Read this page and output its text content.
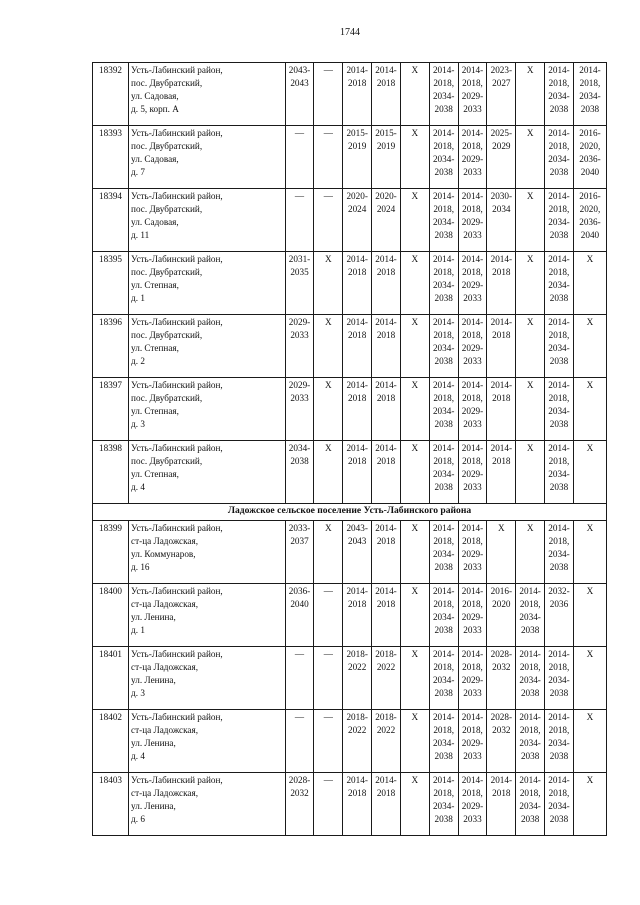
1744
18392	Усть-Лабинский район,
пос. Двубратский,
ул. Садовая,
д. 5, корп. А	2043-
2043	—	2014-
2018	2014-
2018	X	2014-
2018,
2034-
2038	2014-
2018,
2029-
2033	2023-
2027	X	2014-
2018,
2034-
2038	2014-
2018,
2034-
2038

18393	Усть-Лабинский район,
пос. Двубратский,
ул. Садовая,
д. 7	—	—	2015-
2019	2015-
2019	X	2014-
2018,
2034-
2038	2014-
2018,
2029-
2033	2025-
2029	X	2014-
2018,
2034-
2038	2016-
2020,
2036-
2040

18394	Усть-Лабинский район,
пос. Двубратский,
ул. Садовая,
д. 11	—	—	2020-
2024	2020-
2024	X	2014-
2018,
2034-
2038	2014-
2018,
2029-
2033	2030-
2034	X	2014-
2018,
2034-
2038	2016-
2020,
2036-
2040

18395	Усть-Лабинский район,
пос. Двубратский,
ул. Степная,
д. 1	2031-
2035	X	2014-
2018	2014-
2018	X	2014-
2018,
2034-
2038	2014-
2018,
2029-
2033	2014-
2018	X	2014-
2018,
2034-
2038	X

18396	Усть-Лабинский район,
пос. Двубратский,
ул. Степная,
д. 2	2029-
2033	X	2014-
2018	2014-
2018	X	2014-
2018,
2034-
2038	2014-
2018,
2029-
2033	2014-
2018	X	2014-
2018,
2034-
2038	X

18397	Усть-Лабинский район,
пос. Двубратский,
ул. Степная,
д. 3	2029-
2033	X	2014-
2018	2014-
2018	X	2014-
2018,
2034-
2038	2014-
2018,
2029-
2033	2014-
2018	X	2014-
2018,
2034-
2038	X

18398	Усть-Лабинский район,
пос. Двубратский,
ул. Степная,
д. 4	2034-
2038	X	2014-
2018	2014-
2018	X	2014-
2018,
2034-
2038	2014-
2018,
2029-
2033	2014-
2018	X	2014-
2018,
2034-
2038	X

Ладожское сельское поселение Усть-Лабинского района												
18399	Усть-Лабинский район,
ст-ца Ладожская,
ул. Коммунаров,
д. 16	2033-
2037	X	2043-
2043	2014-
2018	X	2014-
2018,
2034-
2038	2014-
2018,
2029-
2033	X	X	2014-
2018,
2034-
2038	X

18400	Усть-Лабинский район,
ст-ца Ладожская,
ул. Ленина,
д. 1	2036-
2040	—	2014-
2018	2014-
2018	X	2014-
2018,
2034-
2038	2014-
2018,
2029-
2033	2016-
2020	2014-
2018,
2034-
2038	2032-
2036	X

18401	Усть-Лабинский район,
ст-ца Ладожская,
ул. Ленина,
д. 3	—	—	2018-
2022	2018-
2022	X	2014-
2018,
2034-
2038	2014-
2018,
2029-
2033	2028-
2032	2014-
2018,
2034-
2038	2014-
2018,
2034-
2038	X

18402	Усть-Лабинский район,
ст-ца Ладожская,
ул. Ленина,
д. 4	—	—	2018-
2022	2018-
2022	X	2014-
2018,
2034-
2038	2014-
2018,
2029-
2033	2028-
2032	2014-
2018,
2034-
2038	2014-
2018,
2034-
2038	X

18403	Усть-Лабинский район,
ст-ца Ладожская,
ул. Ленина,
д. 6	2028-
2032	—	2014-
2018	2014-
2018	X	2014-
2018,
2034-
2038	2014-
2018,
2029-
2033	2014-
2018	2014-
2018,
2034-
2038	2014-
2018,
2034-
2038	X
